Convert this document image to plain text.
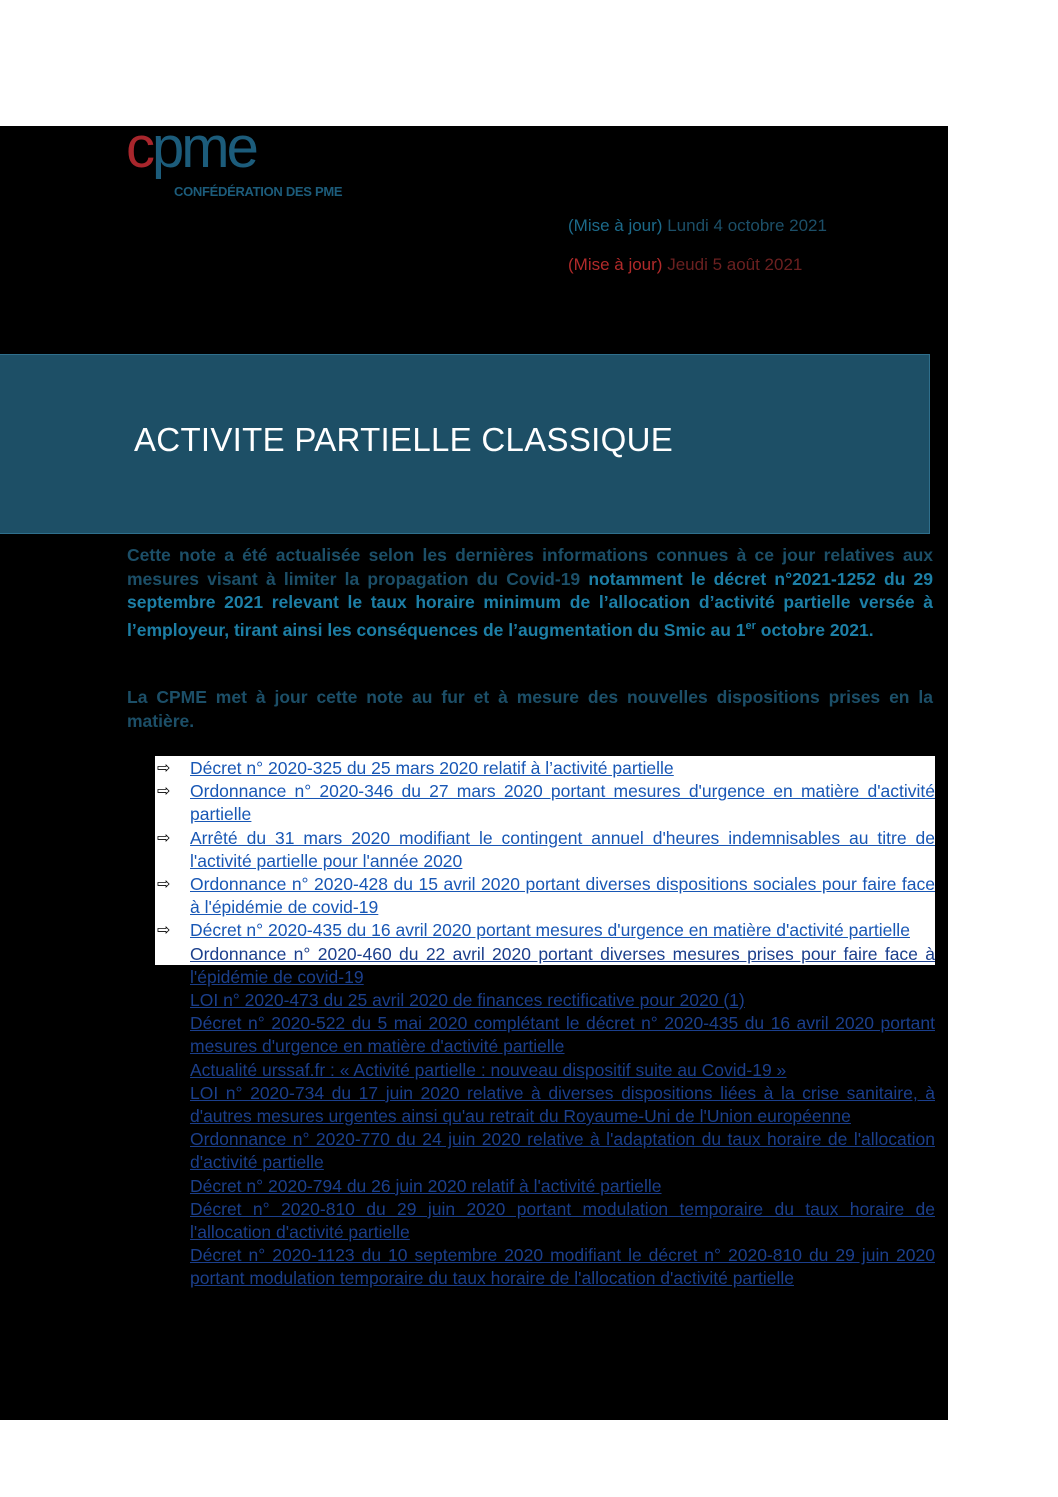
cpme
CONFÉDÉRATION DES PME
(Mise à jour) Lundi 4 octobre 2021
(Mise à jour) Jeudi 5 août 2021
ACTIVITE PARTIELLE CLASSIQUE
Cette note a été actualisée selon les dernières informations connues à ce jour relatives aux mesures visant à limiter la propagation du Covid-19 notamment le décret n°2021-1252 du 29 septembre 2021 relevant le taux horaire minimum de l’allocation d’activité partielle versée à l’employeur, tirant ainsi les conséquences de l’augmentation du Smic au 1er octobre 2021.
La CPME met à jour cette note au fur et à mesure des nouvelles dispositions prises en la matière.
⇨ Décret n° 2020-325 du 25 mars 2020 relatif à l’activité partielle
⇨ Ordonnance n° 2020-346 du 27 mars 2020 portant mesures d'urgence en matière d'activité partielle
⇨ Arrêté du 31 mars 2020 modifiant le contingent annuel d'heures indemnisables au titre de l'activité partielle pour l'année 2020
⇨ Ordonnance n° 2020-428 du 15 avril 2020 portant diverses dispositions sociales pour faire face à l'épidémie de covid-19
⇨ Décret n° 2020-435 du 16 avril 2020 portant mesures d'urgence en matière d'activité partielle
Ordonnance n° 2020-460 du 22 avril 2020 portant diverses mesures prises pour faire face à l'épidémie de covid-19
LOI n° 2020-473 du 25 avril 2020 de finances rectificative pour 2020 (1)
Décret n° 2020-522 du 5 mai 2020 complétant le décret n° 2020-435 du 16 avril 2020 portant mesures d'urgence en matière d'activité partielle
Actualité urssaf.fr : « Activité partielle : nouveau dispositif suite au Covid-19 »
LOI n° 2020-734 du 17 juin 2020 relative à diverses dispositions liées à la crise sanitaire, à d'autres mesures urgentes ainsi qu'au retrait du Royaume-Uni de l'Union européenne
Ordonnance n° 2020-770 du 24 juin 2020 relative à l'adaptation du taux horaire de l'allocation d'activité partielle
Décret n° 2020-794 du 26 juin 2020 relatif à l'activité partielle
Décret n° 2020-810 du 29 juin 2020 portant modulation temporaire du taux horaire de l'allocation d'activité partielle
Décret n° 2020-1123 du 10 septembre 2020 modifiant le décret n° 2020-810 du 29 juin 2020 portant modulation temporaire du taux horaire de l'allocation d'activité partielle
